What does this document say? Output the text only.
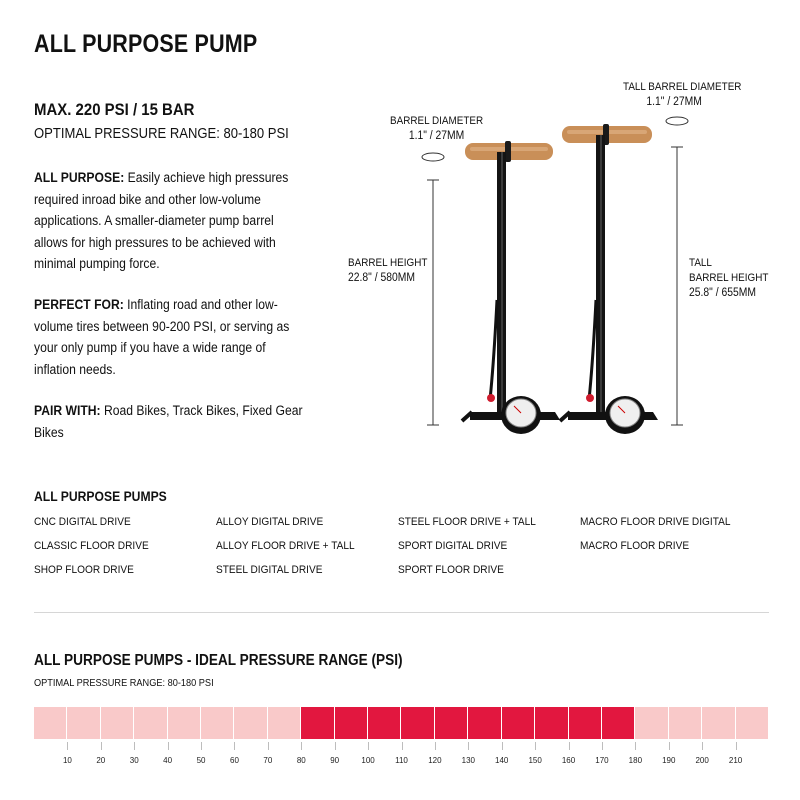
ALL PURPOSE PUMP
MAX. 220 PSI / 15 BAR
OPTIMAL PRESSURE RANGE: 80-180 PSI
ALL PURPOSE: Easily achieve high pressures required inroad bike and other low-volume applications. A smaller-diameter pump barrel allows for high pressures to be achieved with minimal pumping force.
PERFECT FOR: Inflating road and other low-volume tires between 90-200 PSI, or serving as your only pump if you have a wide range of inflation needs.
PAIR WITH: Road Bikes, Track Bikes, Fixed Gear Bikes
BARREL DIAMETER
1.1" / 27MM
TALL BARREL DIAMETER
1.1" / 27MM
BARREL HEIGHT
22.8" / 580MM
TALL
BARREL HEIGHT
25.8" / 655MM
ALL PURPOSE PUMPS
CNC DIGITAL DRIVE
CLASSIC FLOOR DRIVE
SHOP FLOOR DRIVE
ALLOY DIGITAL DRIVE
ALLOY FLOOR DRIVE + TALL
STEEL DIGITAL DRIVE
STEEL FLOOR DRIVE + TALL
SPORT DIGITAL DRIVE
SPORT FLOOR DRIVE
MACRO FLOOR DRIVE DIGITAL
MACRO FLOOR DRIVE
ALL PURPOSE PUMPS - IDEAL PRESSURE RANGE (PSI)
OPTIMAL PRESSURE RANGE: 80-180 PSI
10	20	30	40	50	60	70	80	90	100	110	120	130	140	150	160	170	180	190	200	210
